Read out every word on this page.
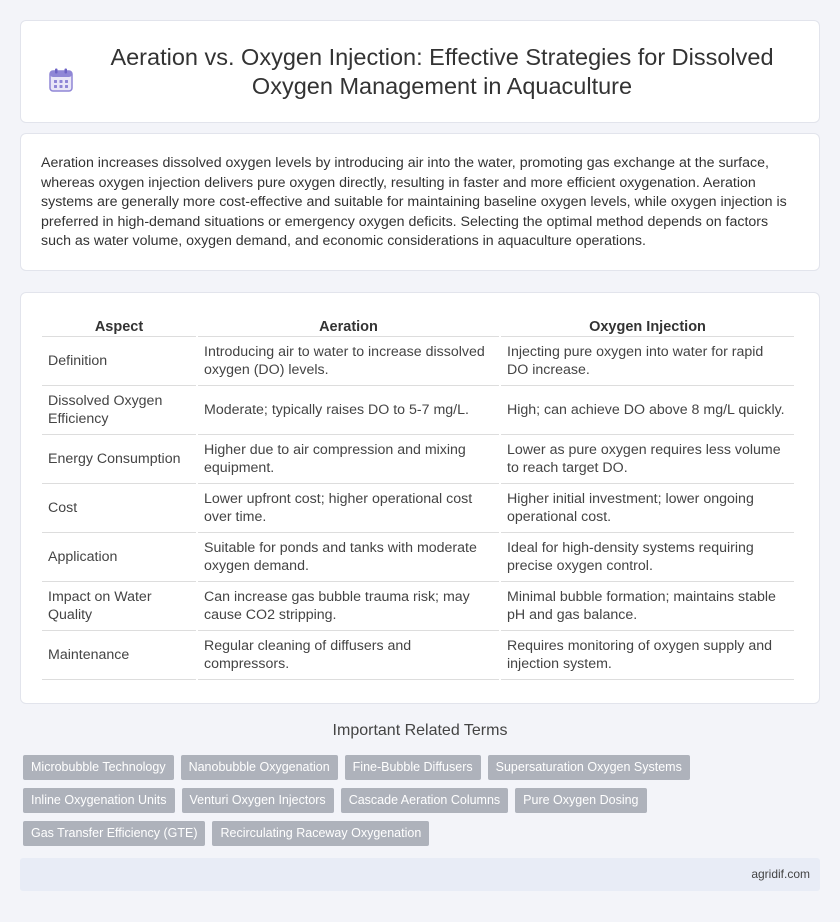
Aeration vs. Oxygen Injection: Effective Strategies for Dissolved Oxygen Management in Aquaculture

Aeration increases dissolved oxygen levels by introducing air into the water, promoting gas exchange at the surface, whereas oxygen injection delivers pure oxygen directly, resulting in faster and more efficient oxygenation. Aeration systems are generally more cost-effective and suitable for maintaining baseline oxygen levels, while oxygen injection is preferred in high-demand situations or emergency oxygen deficits. Selecting the optimal method depends on factors such as water volume, oxygen demand, and economic considerations in aquaculture operations.

Aspect	Aeration	Oxygen Injection
Definition	Introducing air to water to increase dissolved oxygen (DO) levels.	Injecting pure oxygen into water for rapid DO increase.
Dissolved Oxygen Efficiency	Moderate; typically raises DO to 5-7 mg/L.	High; can achieve DO above 8 mg/L quickly.
Energy Consumption	Higher due to air compression and mixing equipment.	Lower as pure oxygen requires less volume to reach target DO.
Cost	Lower upfront cost; higher operational cost over time.	Higher initial investment; lower ongoing operational cost.
Application	Suitable for ponds and tanks with moderate oxygen demand.	Ideal for high-density systems requiring precise oxygen control.
Impact on Water Quality	Can increase gas bubble trauma risk; may cause CO2 stripping.	Minimal bubble formation; maintains stable pH and gas balance.
Maintenance	Regular cleaning of diffusers and compressors.	Requires monitoring of oxygen supply and injection system.
Important Related Terms
Microbubble Technology	Nanobubble Oxygenation	Fine-Bubble Diffusers	Supersaturation Oxygen Systems
Inline Oxygenation Units	Venturi Oxygen Injectors	Cascade Aeration Columns	Pure Oxygen Dosing
Gas Transfer Efficiency (GTE)	Recirculating Raceway Oxygenation
agridif.com
